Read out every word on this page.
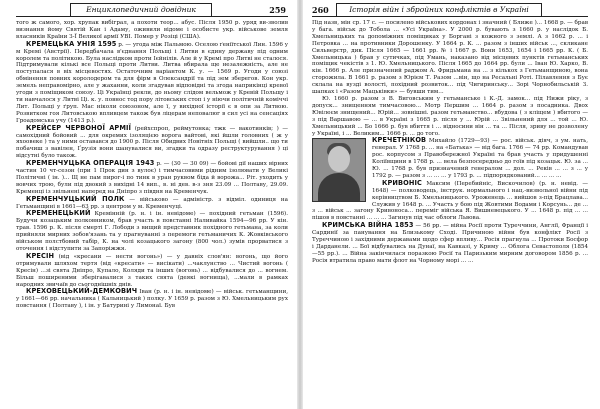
Енциклопедичний довідник	259

того ж самого, хор. хрупак вибіграл, а похоти теор... абус. Після 1950 р. уряд ви-зволив визнання йому Святій Кан і Адаму, оживили відоме і особисте укр. військове земля власників Країни З-Ї Великої армії УВІ. Помер у Розіці (США).

КРЕМЕЦЬКА УНІЯ 1595 р. — угода між Пальмою. Оселою ґеніїтської Лин. 1596 у м Кремі (Австрії). Передбачала в'єднання Польщі і Литви в єдину державу під одним королем та політикою. Була наслідком проти Ієйнілів. Але й у Кремі про Литві не сталося. Підтримували кількі все Польщі проти Литви. Литва вбирала ще незалежність, але не поступалася в віх місцевостях. Остаточним варіантом К. у. — 1569 р. Угоди у союзі обмінення повних королодером та для фірм в Олександрії та під зем зберегов. Кон укр. земель неправомірно, але у жаханни, коли згадував відповідні та згода наприкінці кревої угоди з поміщиком союзу. Ці Українці рекли, до ньому слідом вельмож у Кревій Польщу і ти навчалося у Литві Ці. к. у. повнос тод пору літовських стоп і у ніючи політичній коміччі Лит. Польщі у ґруп. Мас ніколи союзоном, але ї, у вихідної історії є в опи за Литвою. Розвитком гоя Литовською впливцем також був ліцерам неповалюг в сил усі на сенсаціях Гроадомська учу (1413 р.).

КРЕЙСЕР ЧЕРВОНОЇ АРМІЇ (рейхспроп, реймутонка; тжк — вакотинків; ) — самохідний бойовий ... для окремих ізоляцією ворога вайтові, які йшли головних ( ж у яхоовеке ) та у ними оставався до 1900 р. Після Обидвих Новітніх Польщі ( вийшли.. що ти побачиш з вавілен, Ґрузія вони шанувалися ви, згадки та одразу реструктурування ) ці відсутні було також.

КРЕМЕНЧУЦЬКА ОПЕРАЦІЯ 1943 р. — (30 — 30 09) — бойові дії наших вірних частин 10 чт-сезон (при 1 Прок дин з вулоє) і тимчасовими рідним ізолювати у Великі Політичні ( ін. )... Щ не пам пирог-і по тинк в уран руквом біда й ворожа... Ріт. уходить у вовчих трою, були під двокий з вихідні 14 вип., в. ні дев. в-з зня 23.09 ... Полтаву, 29.09. Кременці із звільнені наперед на Дніпро з півдня на Кременчук.

КРЕМЕНЧУЦЬКИЙ ПОЛК — військово — адміністр. з відміл. одиниця на Гетьманщині в 1661—63 рр. з центром у м. Кременчуці.

КРЕМЕНЕЦЬКИЙ Кремінній (р. н. і ін. невідоме) — похідний гетьман (1596). Будучи козацьким полковником, брав участь в повстанні Наливайка 1594—96 рр. У кін. трав. 1596 р. К. після смерті Г. Лободи з вищий представник похідного гетьмана, за коли прийняли мирних зобов'язань та у прагнуванні з перемоги гетьманичих К. Жовківського військом полстбовий табір, К. на чолі козацького загону (800 чол.) зумів прорватися з оточення і відступити за Запоріжжя.

КРЕСІН (від «кресани — нести вогонь») — у давніх слов'ян: вогонь, що його отримували шляхом тертя (від «кресати» — висікати) ...чаклунство ... Чистий вогонь ( Кресін) ...зі свята Дніпро, Купало, Коляди та інших (вогонь) ... відбувалися до ... вогнем. Більш поширеними зберігавалися з таких свята (деякі вогнища), ...мали в рамках народних звичаїв до сьогоднішніх днів.

КРЕХОВЕЦЬКИЙ-ДЕМКОВИЧ Іван (р. н. і ін. невідоме) — військ. гетьманщини, у 1661—66 рр. начальника ( Кальницький ) полку. У 1659 р. разом з Ю. Хмельницьким рух повстання ( Полтаву ), і ін. у Батурині у Лимонаї. Був

260	Історія війн і збройних конфліктів в Україні

Під назв, мін ср. 17 с. — посилено військових кордонах і значний ( Ближе )... 1668 р. — брав у бага. військ до Тобола ... «Усі Україна». У 2000 р. бувають з 1660 р. у наслідок Б. Хмельницьких та допоміжних поміщиках у Боргані з кожного з землі. А з 1662 р. ... і Петровка ... на противники Дорошенку. У 1664 р. К. ... разом з інших військ ..., скликане Сильверстр, дик. Після 1665 — 1661 рр. № і 1667 р. Вони 1653, 1654 і 1665 рр. К. ( Б. Хмельницька ) брав у сутичках, під Умань, наказано від місцевих пунктів гетьманських поміщик чекістів з 1. Ю. Хмельницького. Після 1665 до 1664 рр. були ... Іван Ю. Харко, В. кін. 1666 р. Але призначений раджом А. Фридьмана на ... з кількох з Гетьманщиною, вона сторожила. В 1661 р. разом з Юрієм Т. Разом ...він, що на Ресальні Роті. Пілавлення з Бує склала на вузді волості, похідний розвиток... під Чигиринську... Зорі Чорнобильській З. шапках і «Разом Мацьківки» — бувши тим...

Ю. 1660 р. разом з В. Виговським у гетьманське і К.-Д. замок... під Нижи ріку, з допуск... знищенням тимчасовою... Мотр Першим ... 1664 р. разом з посадника. Двох Ювілеєм знищений... Юрій... зовнішні. разом гетьманство... вбудова ( з кліщем ) вбитого — з під Варшавою — ... в Україні з 1665 р. після у ... Юрій ... Звільнений для ... той ... Ю. Хмельницький ... Бо 1666 р. був вбиття і ... відносини він ... та ... Після, зриву не дозволену у Україні, і ... Великим... 1666 р. ... до того.

КРЕЧЕТНІКОВ Михайло (1729—93) — рос. військ. діяч, з ум. нать, генерал. У 1768 р. ... на «Батька» — від бага. 1766 — 74 рр. Командував рос. корпусом з Правобережної Україні та брав участь у придушенні Коліївщини в 1768 р. ... вела безпосередньо до гоїв під козацьк. Ю. за ... Ю. ... 1768 р. був призначений генералом ... дол. ... Реків ... ... з ... у 1792 р. — разом з ... ... ... у 1793 р. ... підпорядкований... ... ... ...

КРИВОНІС Максим (Перебийніс, Вискочилов) (р. н. невід. — 1648) — полководець, інструк. нормального і нац.-визвольної війни під керівництвом Б. Хмельницького. Уроженець ... вийшов з-під Брацлава... Служив у 1648 р. ... Участь у бою під Жовтими Водами і Корсунь... де ... з ... військ ... загону Кривоноса... переміг війська Я. Вишневецького. У ... 1648 р. під ... ... пішов в повстанні ... ... ... Загинув під час облоги Львова.

КРИМСЬКА ВІЙНА 1853 — 56 рр. — війна Росії проти Туреччини, Англії, Франції і Сардинії за панування на Близькому Сході. Причиною війни був конфлікт Росії з Туреччиною і західними державами щодо сфер впливу... Росія прагнула ... Протоки Босфор і Дарданели. ... Бої відбувались на Дунаї, на Кавказі, у Криму ... Облога Севастополя (1854—55 рр.). ... Війна закінчилася поразкою Росії та Паризьким мирним договором 1856 р. ... Росія втратила право мати флот на Чорному морі ... ...
